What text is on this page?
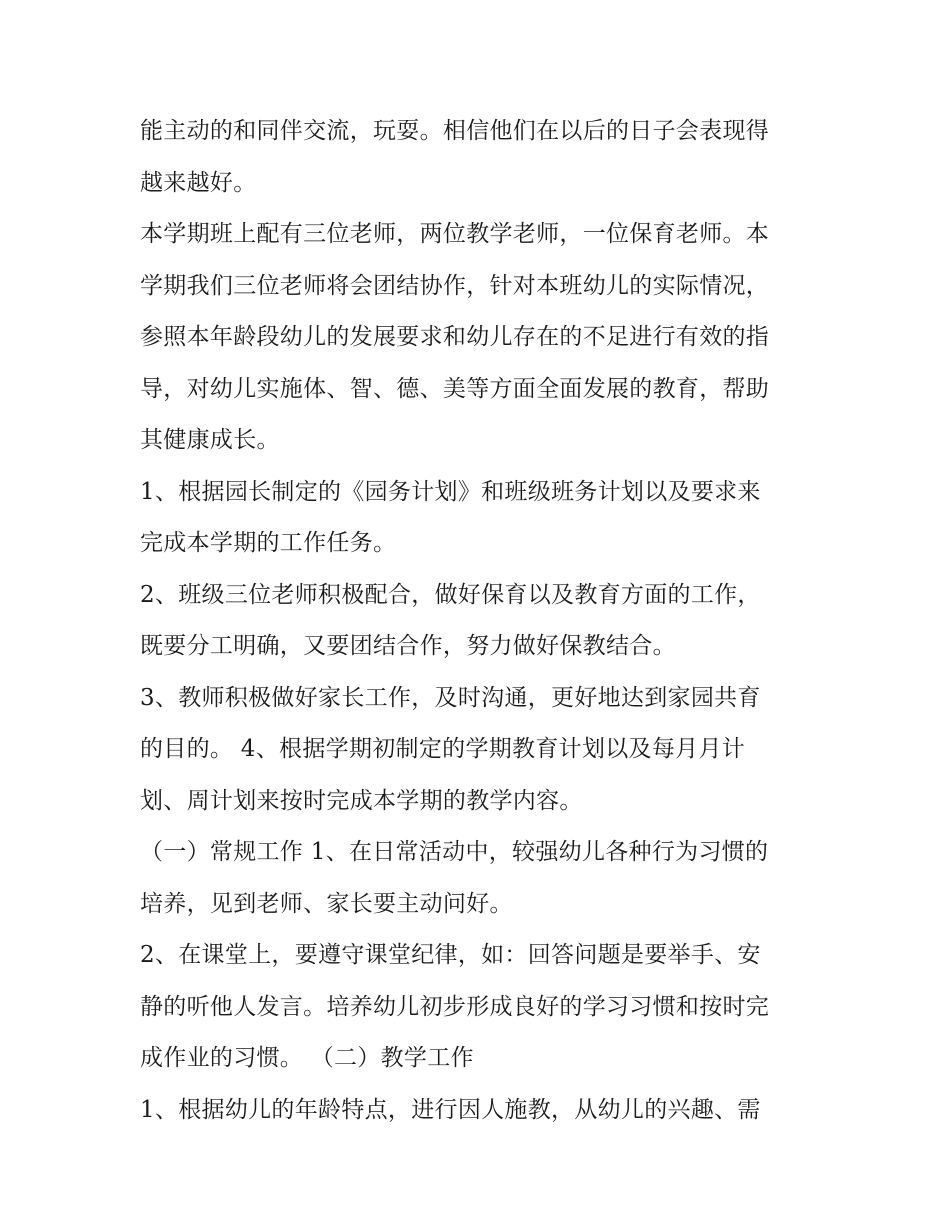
能主动的和同伴交流，玩耍。相信他们在以后的日子会表现得
越来越好。
本学期班上配有三位老师，两位教学老师，一位保育老师。本
学期我们三位老师将会团结协作，针对本班幼儿的实际情况，
参照本年龄段幼儿的发展要求和幼儿存在的不足进行有效的指
导，对幼儿实施体、智、德、美等方面全面发展的教育，帮助
其健康成长。
1、根据园长制定的《园务计划》和班级班务计划以及要求来
完成本学期的工作任务。
2、班级三位老师积极配合，做好保育以及教育方面的工作，
既要分工明确，又要团结合作，努力做好保教结合。
3、教师积极做好家长工作，及时沟通，更好地达到家园共育
的目的。 4、根据学期初制定的学期教育计划以及每月月计
划、周计划来按时完成本学期的教学内容。
（一）常规工作 1、在日常活动中，较强幼儿各种行为习惯的
培养，见到老师、家长要主动问好。
2、在课堂上，要遵守课堂纪律，如：回答问题是要举手、安
静的听他人发言。培养幼儿初步形成良好的学习习惯和按时完
成作业的习惯。 （二）教学工作
1、根据幼儿的年龄特点，进行因人施教，从幼儿的兴趣、需
